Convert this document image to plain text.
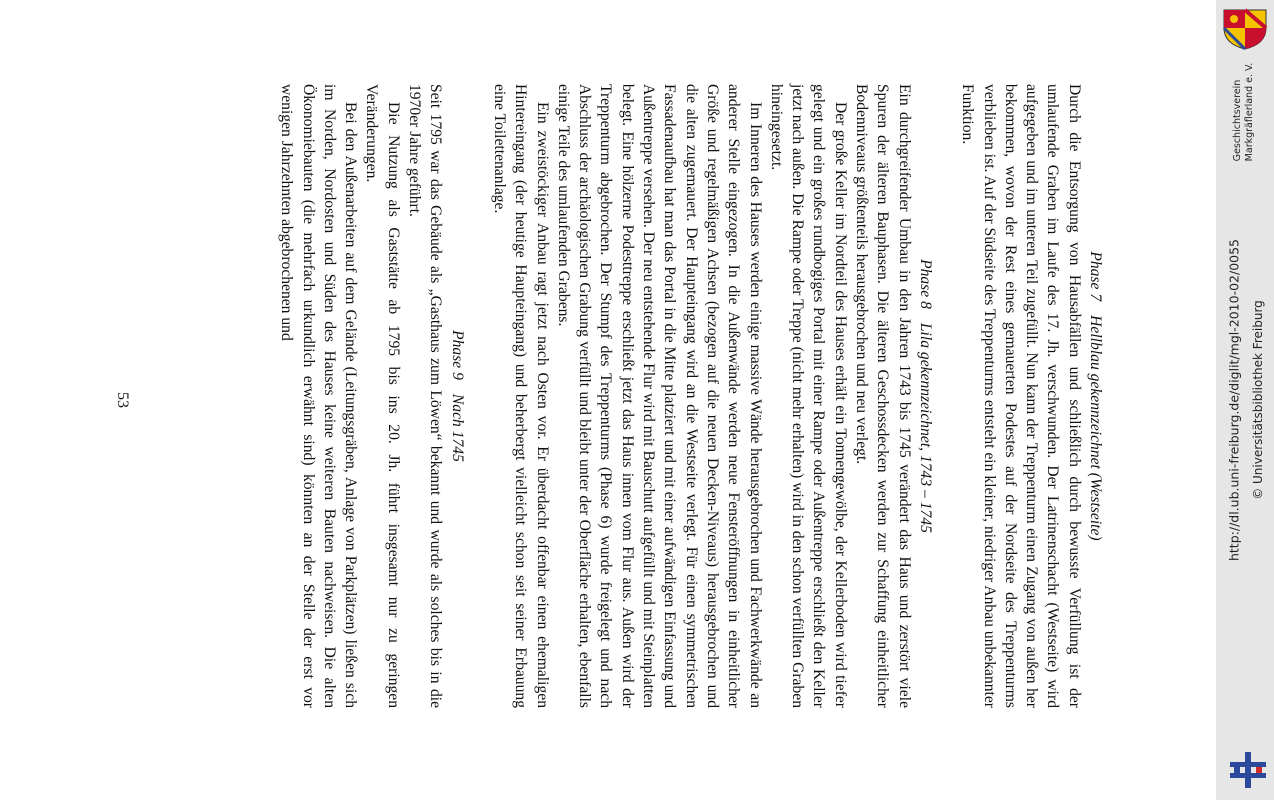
Phase 7Hellblau gekennzeichnet (Westseite)

Durch die Entsorgung von Hausabfällen und schließlich durch bewusste Verfüllung ist der umlaufende Graben im Laufe des 17. Jh. verschwunden. Der Latrinenschacht (Westseite) wird aufgegeben und im unteren Teil zugefüllt. Nun kann der Treppenturm einen Zugang von außen her bekommen, wovon der Rest eines gemauerten Podestes auf der Nordseite des Treppenturms verblieben ist. Auf der Südseite des Treppenturms entsteht ein kleiner, niedriger Anbau unbekannter Funktion.

Phase 8Lila gekennzeichnet, 1743 – 1745

Ein durchgreifender Umbau in den Jahren 1743 bis 1745 verändert das Haus und zerstört viele Spuren der älteren Bauphasen. Die älteren Geschossdecken werden zur Schaffung einheitlicher Bodenniveaus größtenteils herausgebrochen und neu verlegt.

Der große Keller im Nordteil des Hauses erhält ein Tonnengewölbe, der Kellerboden wird tiefer gelegt und ein großes rundbogiges Portal mit einer Rampe oder Außentreppe erschließt den Keller jetzt nach außen. Die Rampe oder Treppe (nicht mehr erhalten) wird in den schon verfüllten Graben hineingesetzt.

Im Inneren des Hauses werden einige massive Wände herausgebrochen und Fachwerkwände an anderer Stelle eingezogen. In die Außenwände werden neue Fensteröffnungen in einheitlicher Größe und regelmäßigen Achsen (bezogen auf die neuen Decken-Niveaus) herausgebrochen und die alten zugemauert. Der Haupteingang wird an die Westseite verlegt. Für einen symmetrischen Fassadenaufbau hat man das Portal in die Mitte platziert und mit einer aufwändigen Einfassung und Außentreppe versehen. Der neu entstehende Flur wird mit Bauschutt aufgefüllt und mit Steinplatten belegt. Eine hölzerne Podesttreppe erschließt jetzt das Haus innen vom Flur aus. Außen wird der Treppenturm abgebrochen. Der Stumpf des Treppenturms (Phase 6) wurde freigelegt und nach Abschluss der archäologischen Grabung verfüllt und bleibt unter der Oberfläche erhalten, ebenfalls einige Teile des umlaufenden Grabens.

Ein zweistöckiger Anbau ragt jetzt nach Osten vor. Er überdacht offenbar einen ehemaligen Hintereingang (der heutige Haupteingang) und beherbergt vielleicht schon seit seiner Erbauung eine Toilettenanlage.

Phase 9Nach 1745

Seit 1795 war das Gebäude als „Gasthaus zum Löwen“ bekannt und wurde als solches bis in die 1970er Jahre geführt.

Die Nutzung als Gaststätte ab 1795 bis ins 20. Jh. führt insgesamt nur zu geringen Veränderungen.

Bei den Außenarbeiten auf dem Gelände (Leitungsgräben, Anlage von Parkplätzen) ließen sich im Norden, Nordosten und Süden des Hauses keine weiteren Bauten nachweisen. Die alten Ökonomiebauten (die mehrfach urkundlich erwähnt sind) könnten an der Stelle der erst vor wenigen Jahrzehnten abgebrochenen und

53
Geschichtsverein Markgräflerland e. V.
http://dl.ub.uni-freiburg.de/diglit/mgl-2010-02/0055 © Universitätsbibliothek Freiburg
